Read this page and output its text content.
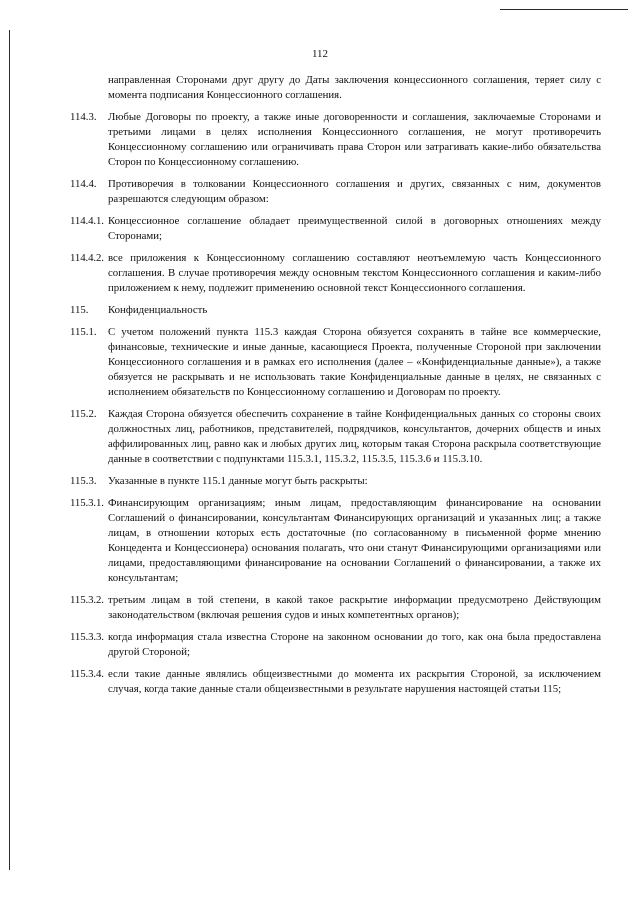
112
направленная Сторонами друг другу до Даты заключения концессионного соглашения, теряет силу с момента подписания Концессионного соглашения.
114.3. Любые Договоры по проекту, а также иные договоренности и соглашения, заключаемые Сторонами и третьими лицами в целях исполнения Концессионного соглашения, не могут противоречить Концессионному соглашению или ограничивать права Сторон или затрагивать какие-либо обязательства Сторон по Концессионному соглашению.
114.4. Противоречия в толковании Концессионного соглашения и других, связанных с ним, документов разрешаются следующим образом:
114.4.1. Концессионное соглашение обладает преимущественной силой в договорных отношениях между Сторонами;
114.4.2. все приложения к Концессионному соглашению составляют неотъемлемую часть Концессионного соглашения. В случае противоречия между основным текстом Концессионного соглашения и каким-либо приложением к нему, подлежит применению основной текст Концессионного соглашения.
115. Конфиденциальность
115.1. С учетом положений пункта 115.3 каждая Сторона обязуется сохранять в тайне все коммерческие, финансовые, технические и иные данные, касающиеся Проекта, полученные Стороной при заключении Концессионного соглашения и в рамках его исполнения (далее – «Конфиденциальные данные»), а также обязуется не раскрывать и не использовать такие Конфиденциальные данные в целях, не связанных с исполнением обязательств по Концессионному соглашению и Договорам по проекту.
115.2. Каждая Сторона обязуется обеспечить сохранение в тайне Конфиденциальных данных со стороны своих должностных лиц, работников, представителей, подрядчиков, консультантов, дочерних обществ и иных аффилированных лиц, равно как и любых других лиц, которым такая Сторона раскрыла соответствующие данные в соответствии с подпунктами 115.3.1, 115.3.2, 115.3.5, 115.3.6 и 115.3.10.
115.3. Указанные в пункте 115.1 данные могут быть раскрыты:
115.3.1. Финансирующим организациям; иным лицам, предоставляющим финансирование на основании Соглашений о финансировании, консультантам Финансирующих организаций и указанных лиц; а также лицам, в отношении которых есть достаточные (по согласованному в письменной форме мнению Концедента и Концессионера) основания полагать, что они станут Финансирующими организациями или лицами, предоставляющими финансирование на основании Соглашений о финансировании, а также их консультантам;
115.3.2. третьим лицам в той степени, в какой такое раскрытие информации предусмотрено Действующим законодательством (включая решения судов и иных компетентных органов);
115.3.3. когда информация стала известна Стороне на законном основании до того, как она была предоставлена другой Стороной;
115.3.4. если такие данные являлись общеизвестными до момента их раскрытия Стороной, за исключением случая, когда такие данные стали общеизвестными в результате нарушения настоящей статьи 115;
